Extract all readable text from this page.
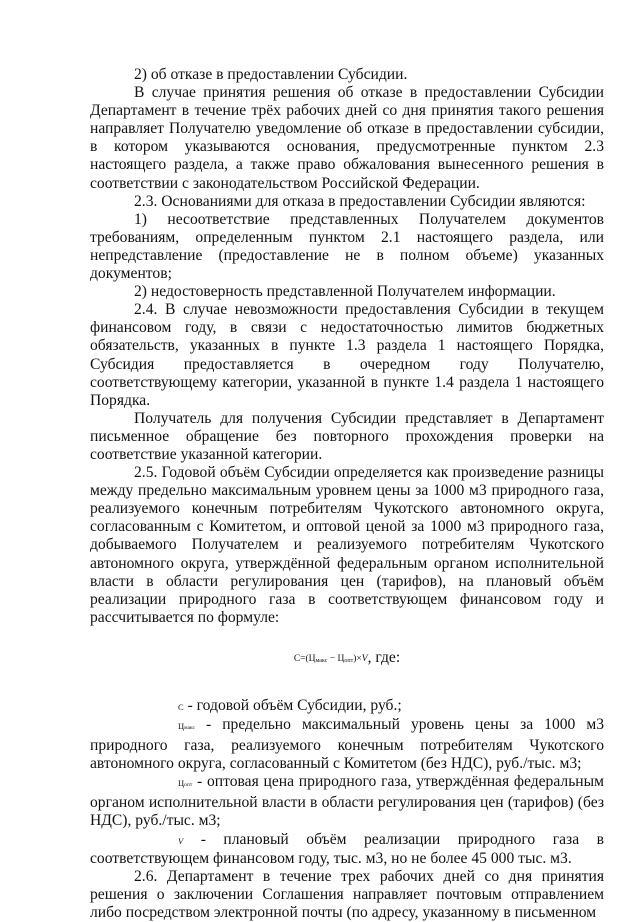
2) об отказе в предоставлении Субсидии.

В случае принятия решения об отказе в предоставлении Субсидии Департамент в течение трёх рабочих дней со дня принятия такого решения направляет Получателю уведомление об отказе в предоставлении субсидии, в котором указываются основания, предусмотренные пунктом 2.3 настоящего раздела, а также право обжалования вынесенного решения в соответствии с законодательством Российской Федерации.

2.3. Основаниями для отказа в предоставлении Субсидии являются:

1) несоответствие представленных Получателем документов требованиям, определенным пунктом 2.1 настоящего раздела, или непредставление (предоставление не в полном объеме) указанных документов;

2) недостоверность представленной Получателем информации.

2.4. В случае невозможности предоставления Субсидии в текущем финансовом году, в связи с недостаточностью лимитов бюджетных обязательств, указанных в пункте 1.3 раздела 1 настоящего Порядка, Субсидия предоставляется в очередном году Получателю, соответствующему категории, указанной в пункте 1.4 раздела 1 настоящего Порядка.

Получатель для получения Субсидии представляет в Департамент письменное обращение без повторного прохождения проверки на соответствие указанной категории.

2.5. Годовой объём Субсидии определяется как произведение разницы между предельно максимальным уровнем цены за 1000 м3 природного газа, реализуемого конечным потребителям Чукотского автономного округа, согласованным с Комитетом, и оптовой ценой за 1000 м3 природного газа, добываемого Получателем и реализуемого потребителям Чукотского автономного округа, утверждённой федеральным органом исполнительной власти в области регулирования цен (тарифов), на плановый объём реализации природного газа в соответствующем финансовом году и рассчитывается по формуле:

C=(Цмакс − Цопт)×V, где:

C - годовой объём Субсидии, руб.;

Цмакс - предельно максимальный уровень цены за 1000 м3 природного газа, реализуемого конечным потребителям Чукотского автономного округа, согласованный с Комитетом (без НДС), руб./тыс. м3;

Цопт - оптовая цена природного газа, утверждённая федеральным органом исполнительной власти в области регулирования цен (тарифов) (без НДС), руб./тыс. м3;

V - плановый объём реализации природного газа в соответствующем финансовом году, тыс. м3, но не более 45 000 тыс. м3.

2.6. Департамент в течение трех рабочих дней со дня принятия решения о заключении Соглашения направляет почтовым отправлением либо посредством электронной почты (по адресу, указанному в письменном
